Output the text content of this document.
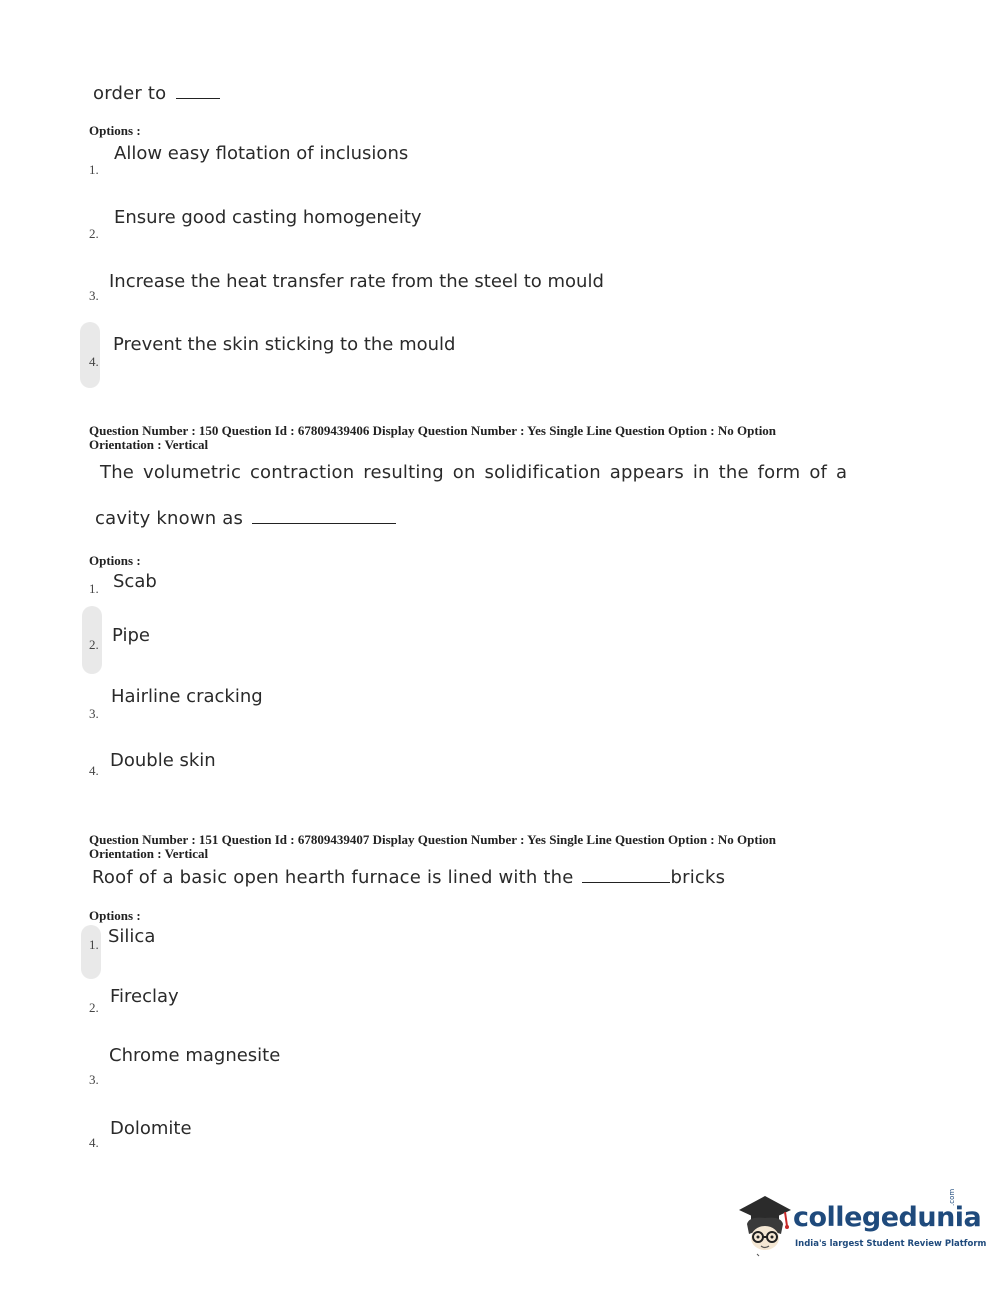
order to
Options :
Allow easy flotation of inclusions
1.
Ensure good casting homogeneity
2.
Increase the heat transfer rate from the steel to mould
3.
Prevent the skin sticking to the mould
4.
Question Number : 150 Question Id : 67809439406 Display Question Number : Yes Single Line Question Option : No Option
Orientation : Vertical
The volumetric contraction resulting on solidification appears in the form of a
cavity known as
Options :
Scab
1.
Pipe
2.
Hairline cracking
3.
Double skin
4.
Question Number : 151 Question Id : 67809439407 Display Question Number : Yes Single Line Question Option : No Option
Orientation : Vertical
Roof of a basic open hearth furnace is lined with the	bricks
Options :
Silica
1.
Fireclay
2.
Chrome magnesite
3.
Dolomite
4.
collegedunia
.com
India's largest Student Review Platform
